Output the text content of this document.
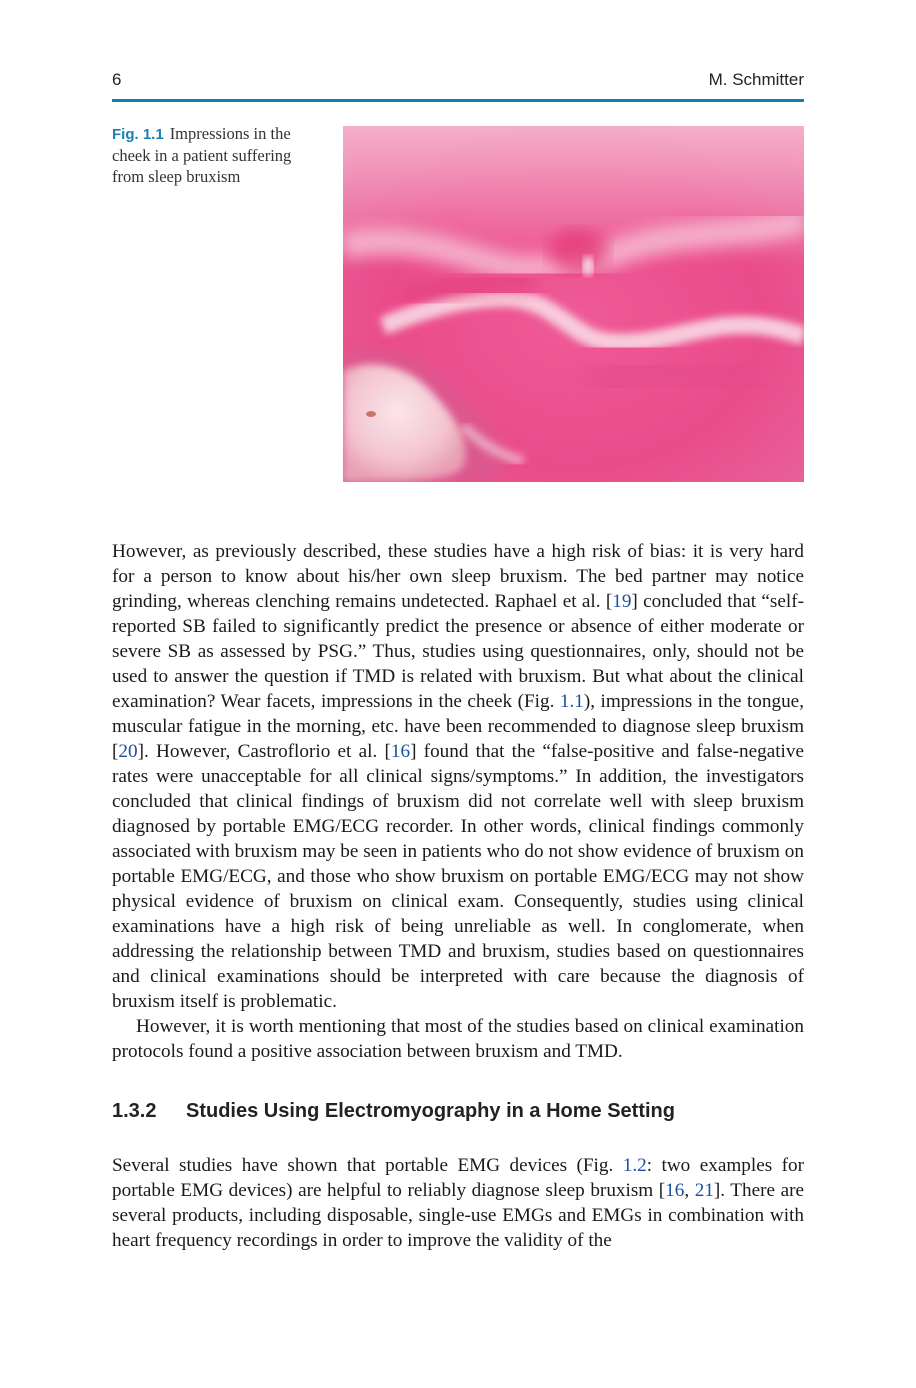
6	M. Schmitter
Fig. 1.1 Impressions in the cheek in a patient suffering from sleep bruxism

However, as previously described, these studies have a high risk of bias: it is very hard for a person to know about his/her own sleep bruxism. The bed partner may notice grinding, whereas clenching remains undetected. Raphael et al. [19] concluded that “self-reported SB failed to significantly predict the presence or absence of either moderate or severe SB as assessed by PSG.” Thus, studies using questionnaires, only, should not be used to answer the question if TMD is related with bruxism. But what about the clinical examination? Wear facets, impressions in the cheek (Fig. 1.1), impressions in the tongue, muscular fatigue in the morning, etc. have been recommended to diagnose sleep bruxism [20]. However, Castroflorio et al. [16] found that the “false-positive and false-negative rates were unacceptable for all clinical signs/symptoms.” In addition, the investigators concluded that clinical findings of bruxism did not correlate well with sleep bruxism diagnosed by portable EMG/ECG recorder. In other words, clinical findings commonly associated with bruxism may be seen in patients who do not show evidence of bruxism on portable EMG/ECG, and those who show bruxism on portable EMG/ECG may not show physical evidence of bruxism on clinical exam. Consequently, studies using clinical examinations have a high risk of being unreliable as well. In conglomerate, when addressing the relationship between TMD and bruxism, studies based on questionnaires and clinical examinations should be interpreted with care because the diagnosis of bruxism itself is problematic.

However, it is worth mentioning that most of the studies based on clinical examination protocols found a positive association between bruxism and TMD.

1.3.2 Studies Using Electromyography in a Home Setting

Several studies have shown that portable EMG devices (Fig. 1.2: two examples for portable EMG devices) are helpful to reliably diagnose sleep bruxism [16, 21]. There are several products, including disposable, single-use EMGs and EMGs in combination with heart frequency recordings in order to improve the validity of the
